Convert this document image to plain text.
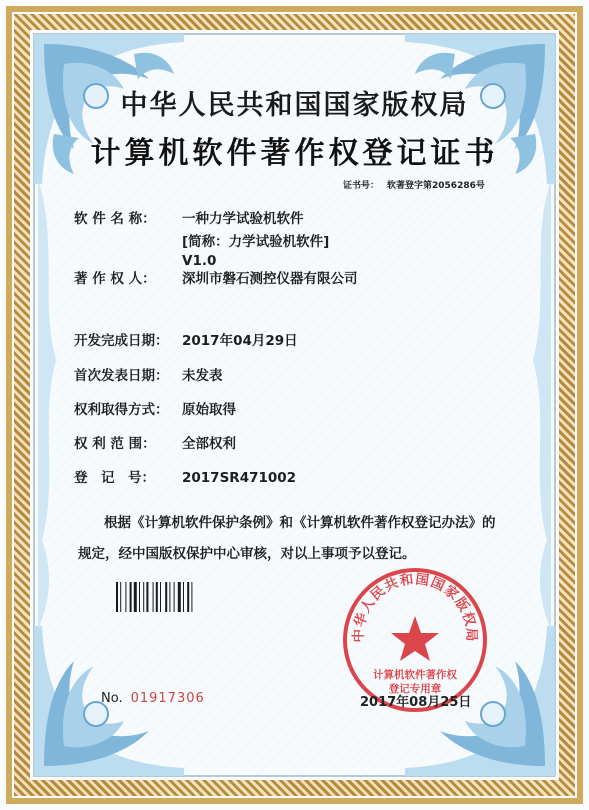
中华人民共和国国家版权局
计算机软件著作权登记证书
证书号： 软著登字第2056286号
软 件 名 称： 一种力学试验机软件
[简称：力学试验机软件]
V1.0
著 作 权 人： 深圳市磐石测控仪器有限公司
开发完成日期： 2017年04月29日
首次发表日期： 未发表
权利取得方式： 原始取得
权 利 范 围： 全部权利
登　记　号： 2017SR471002
根据《计算机软件保护条例》和《计算机软件著作权登记办法》的
规定，经中国版权保护中心审核，对以上事项予以登记。
中华人民共和国国家版权局
计算机软件著作权
登记专用章
No. 01917306	2017年08月25日
